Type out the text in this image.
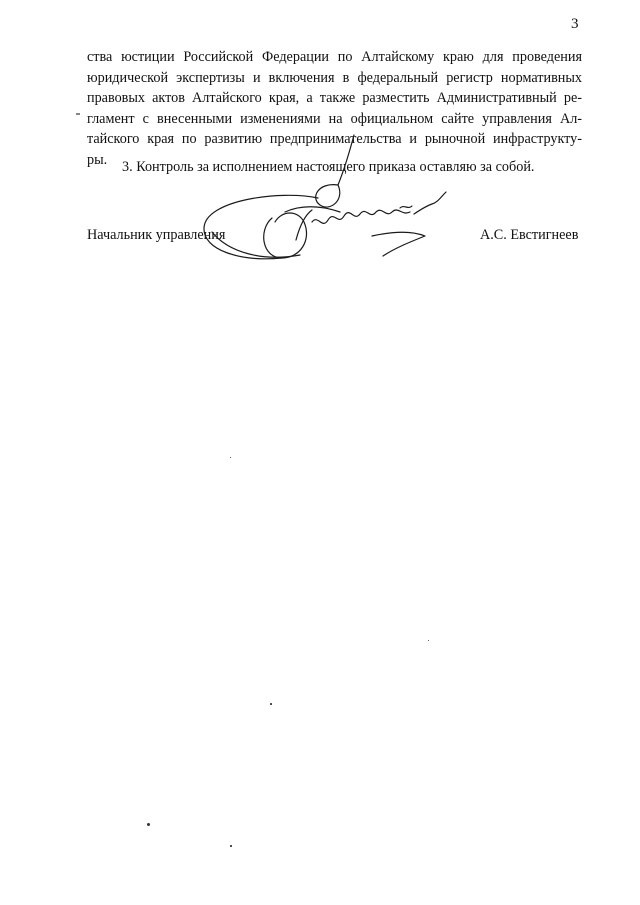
3
ства юстиции Российской Федерации по Алтайскому краю для проведения
юридической экспертизы и включения в федеральный регистр нормативных
правовых актов Алтайского края, а также разместить Административный ре-
гламент с внесенными изменениями на официальном сайте управления Ал-
тайского края по развитию предпринимательства и рыночной инфраструкту-
ры.	3. Контроль за исполнением настоящего приказа оставляю за собой.
Начальник управления	А.С. Евстигнеев
